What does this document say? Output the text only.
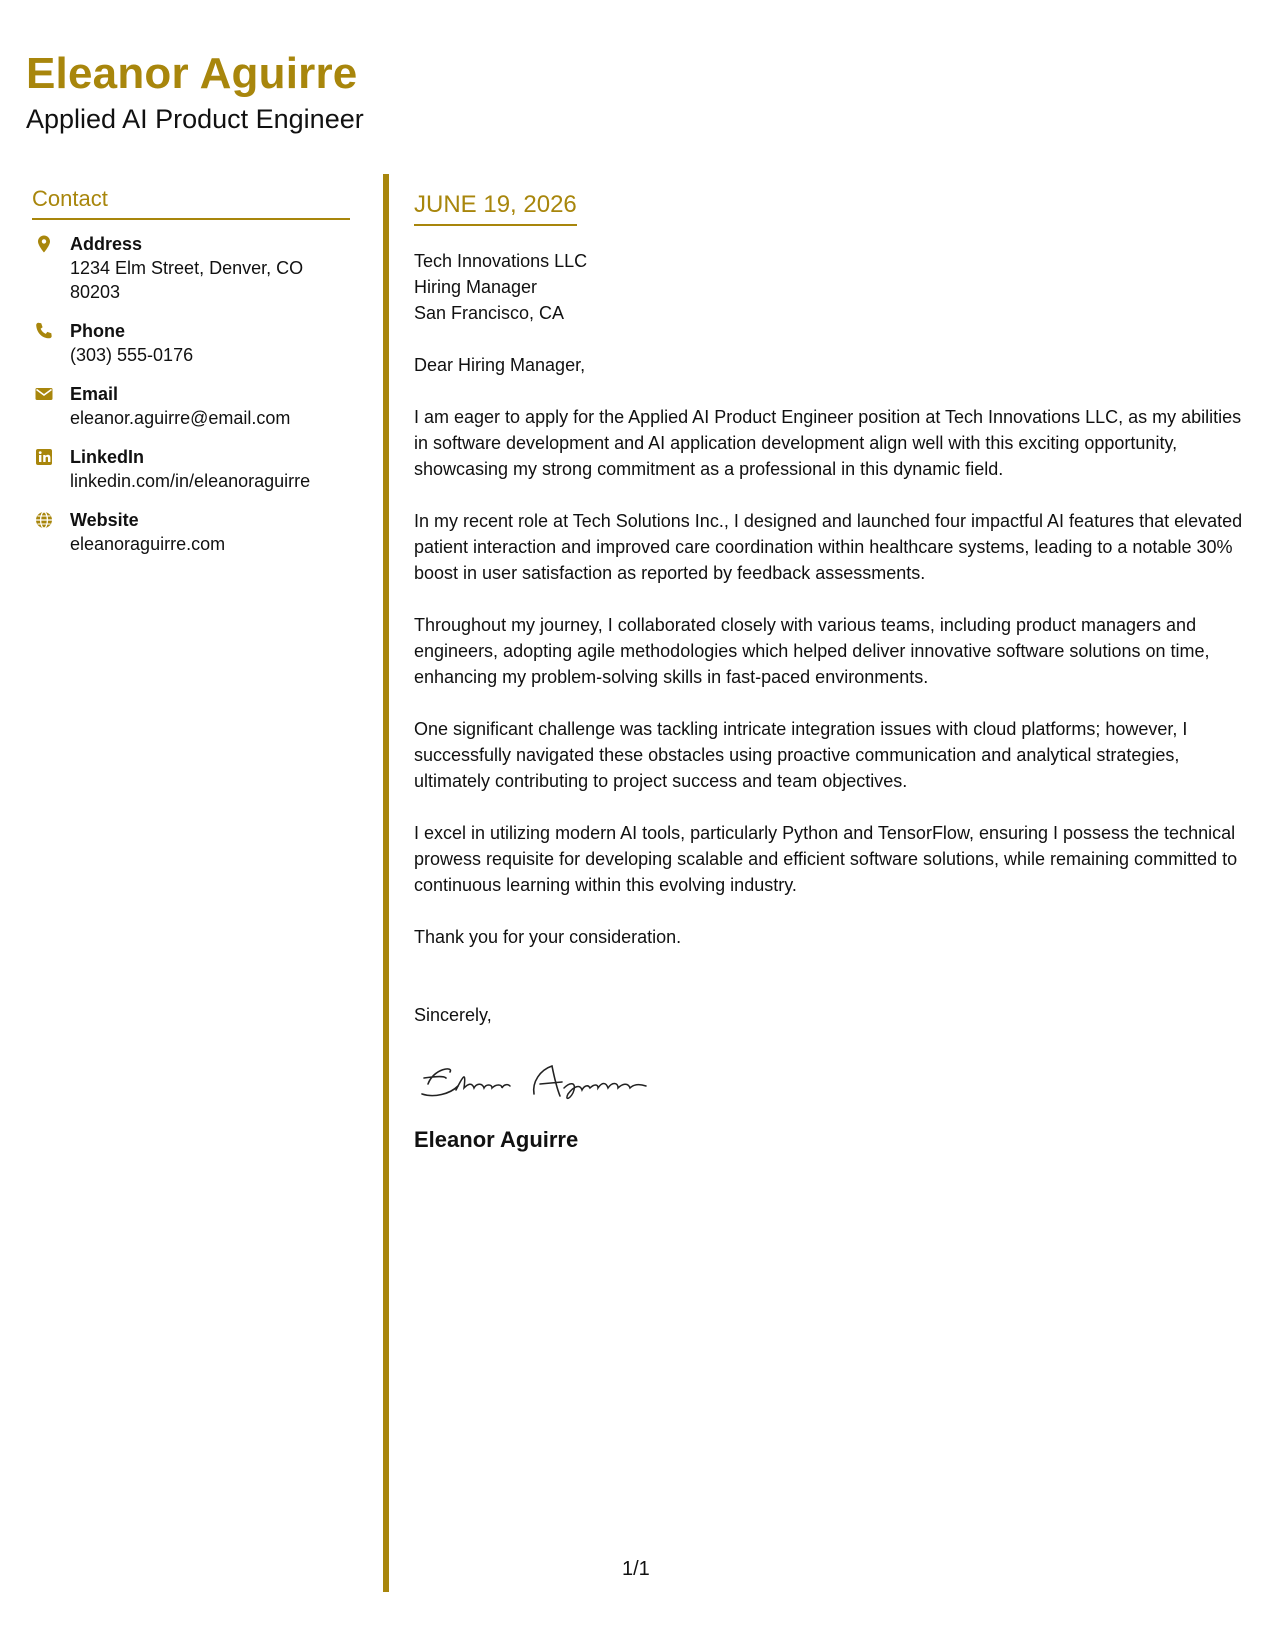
Eleanor Aguirre
Applied AI Product Engineer
Contact
Address
1234 Elm Street, Denver, CO 80203
Phone
(303) 555-0176
Email
eleanor.aguirre@email.com
LinkedIn
linkedin.com/in/eleanoraguirre
Website
eleanoraguirre.com
JUNE 19, 2026
Tech Innovations LLC
Hiring Manager
San Francisco, CA
Dear Hiring Manager,
I am eager to apply for the Applied AI Product Engineer position at Tech Innovations LLC, as my abilities in software development and AI application development align well with this exciting opportunity, showcasing my strong commitment as a professional in this dynamic field.
In my recent role at Tech Solutions Inc., I designed and launched four impactful AI features that elevated patient interaction and improved care coordination within healthcare systems, leading to a notable 30% boost in user satisfaction as reported by feedback assessments.
Throughout my journey, I collaborated closely with various teams, including product managers and engineers, adopting agile methodologies which helped deliver innovative software solutions on time, enhancing my problem-solving skills in fast-paced environments.
One significant challenge was tackling intricate integration issues with cloud platforms; however, I successfully navigated these obstacles using proactive communication and analytical strategies, ultimately contributing to project success and team objectives.
I excel in utilizing modern AI tools, particularly Python and TensorFlow, ensuring I possess the technical prowess requisite for developing scalable and efficient software solutions, while remaining committed to continuous learning within this evolving industry.
Thank you for your consideration.
Sincerely,
Eleanor Aguirre
1/1
